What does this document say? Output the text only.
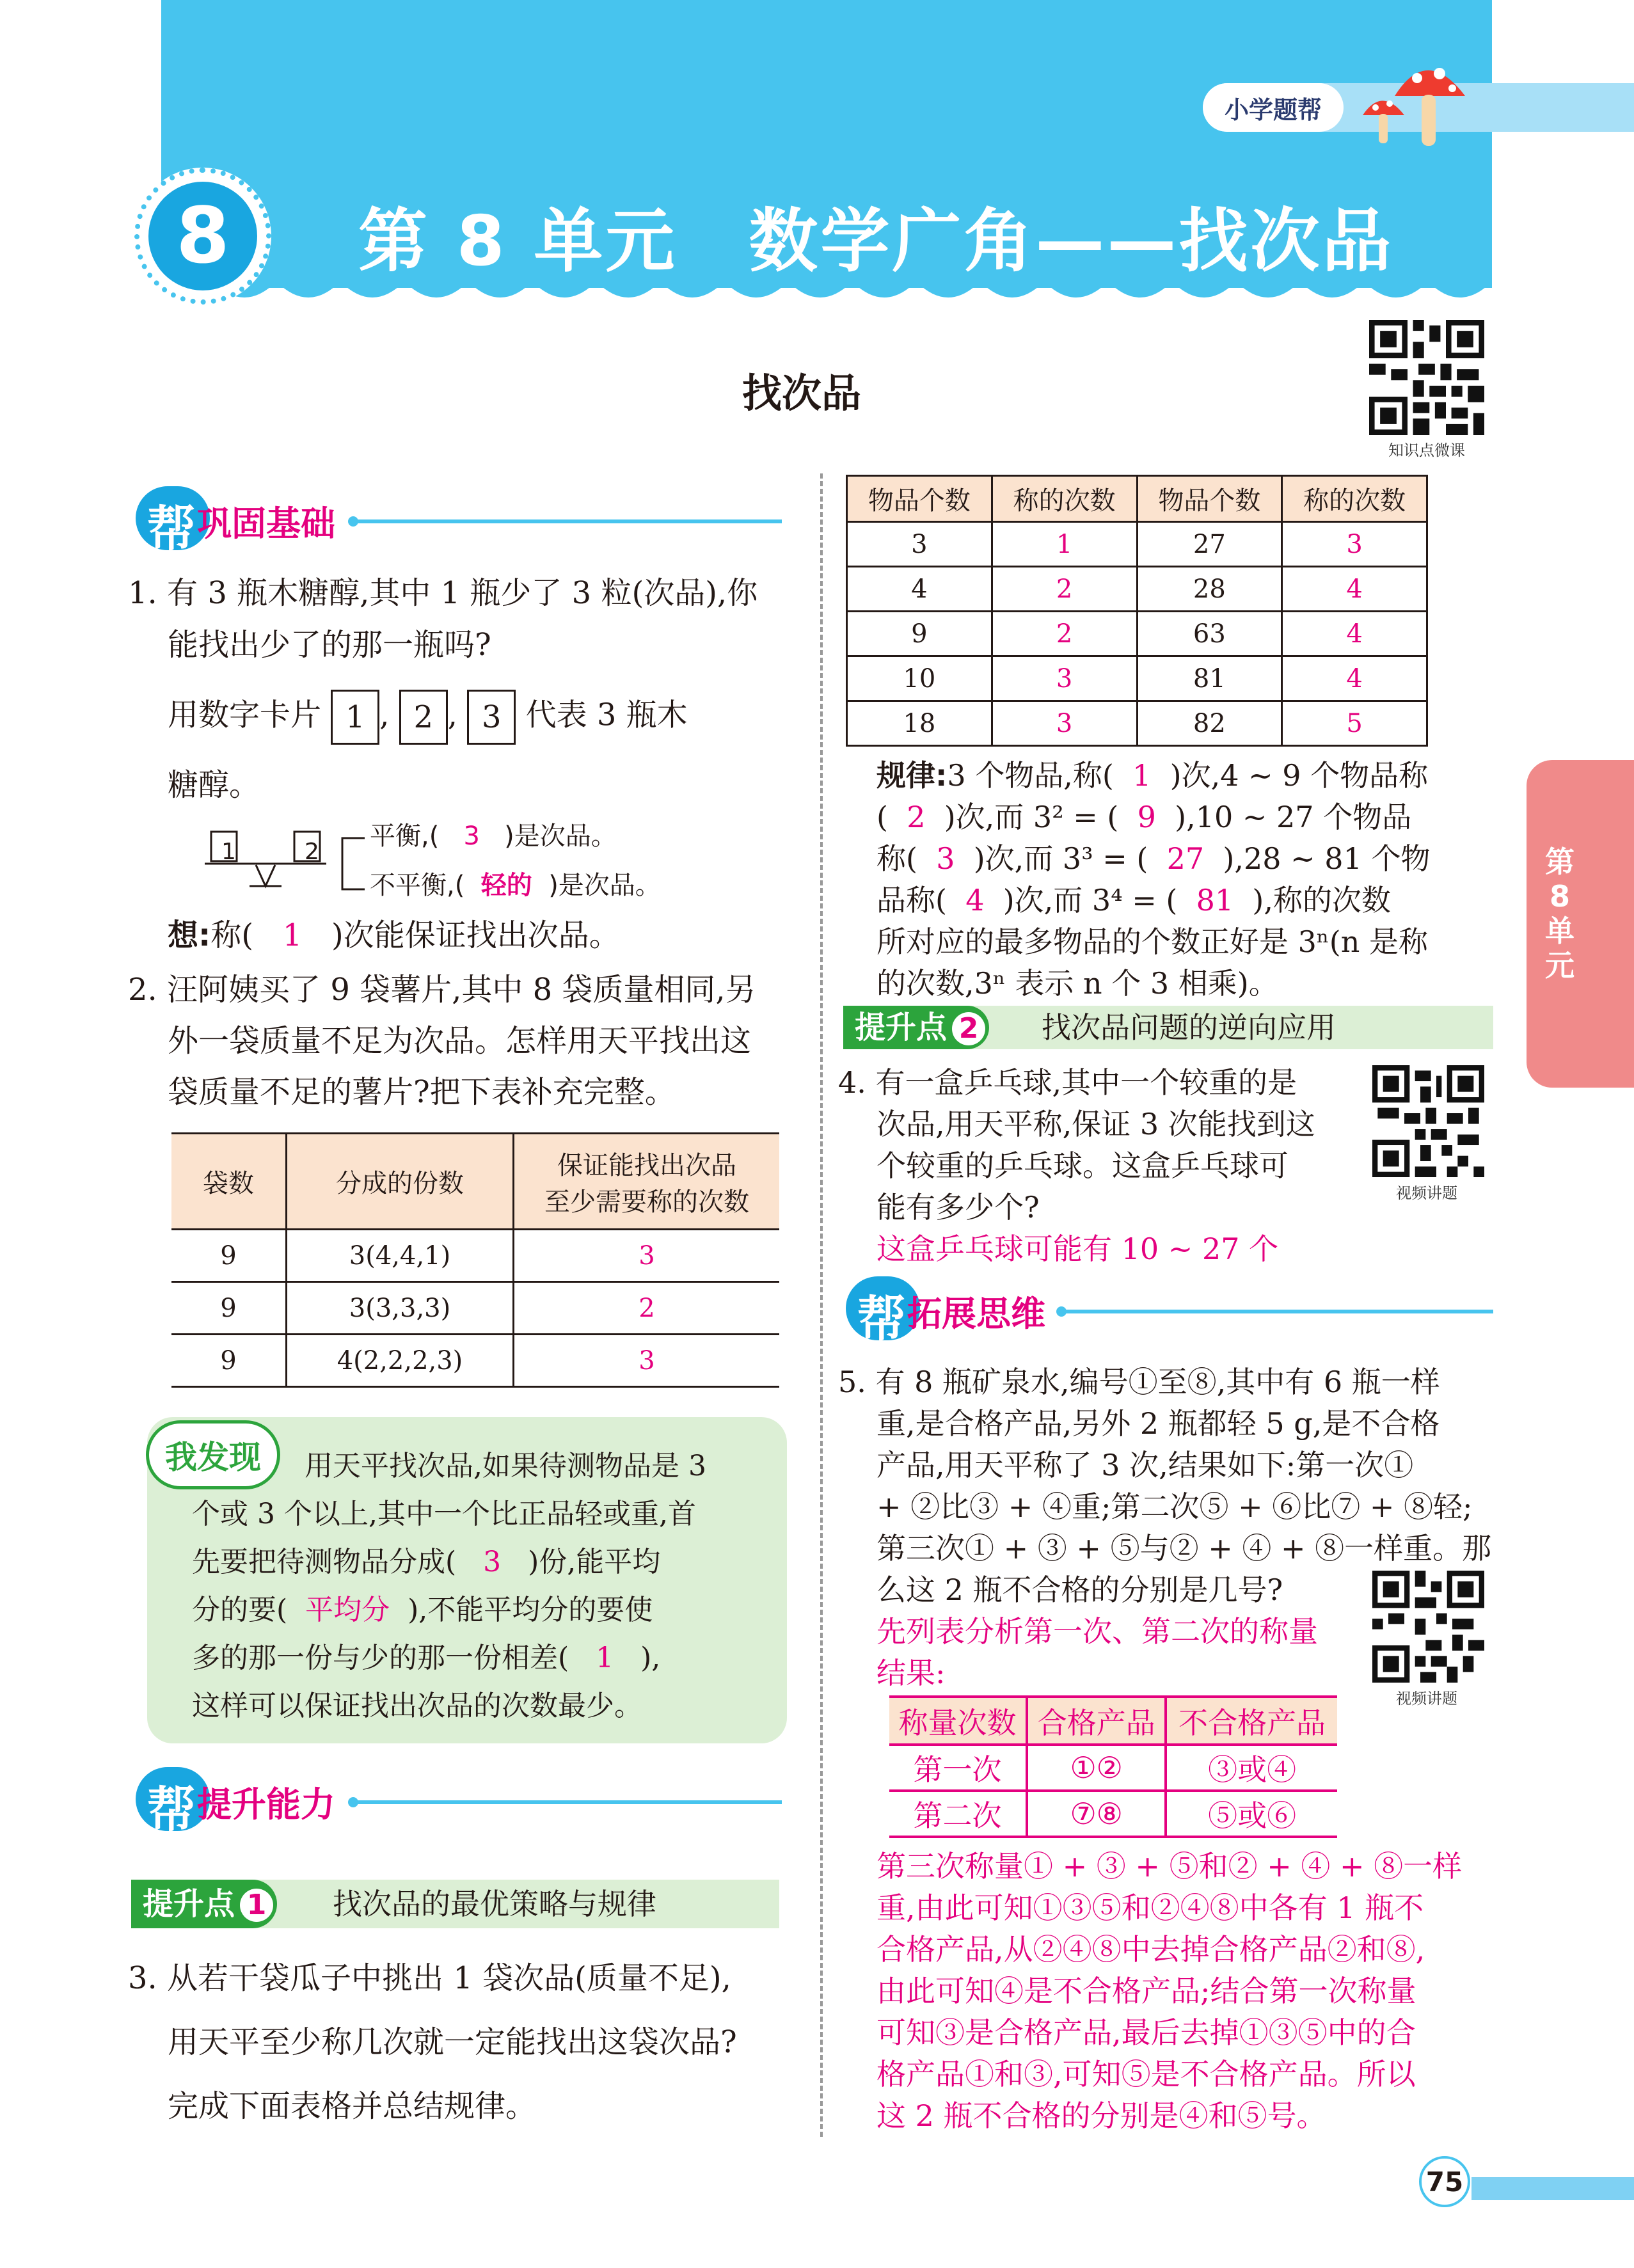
小学题帮
8	第 8 单元　数学广角——找次品
找次品
知识点微课
第8单元
帮 巩固基础
1. 有 3 瓶木糖醇,其中 1 瓶少了 3 粒(次品),你
能找出少了的那一瓶吗?
用数字卡片 1 , 2 , 3 代表 3 瓶木
糖醇。
1	2
平衡,( 3 )是次品。
不平衡,( 轻的 )是次品。
想:称( 1 )次能保证找出次品。
2. 汪阿姨买了 9 袋薯片,其中 8 袋质量相同,另
外一袋质量不足为次品。怎样用天平找出这
袋质量不足的薯片?把下表补充完整。
袋数	分成的份数	保证能找出次品
至少需要称的次数
9	3(4,4,1)	3
9	3(3,3,3)	2
9	4(2,2,2,3)	3
我发现	用天平找次品,如果待测物品是 3
个或 3 个以上,其中一个比正品轻或重,首
先要把待测物品分成( 3 )份,能平均
分的要( 平均分 ),不能平均分的要使
多的那一份与少的那一份相差( 1 ),
这样可以保证找出次品的次数最少。
帮 提升能力
提升点 1	找次品的最优策略与规律
3. 从若干袋瓜子中挑出 1 袋次品(质量不足),
用天平至少称几次就一定能找出这袋次品?
完成下面表格并总结规律。
物品个数	称的次数	物品个数	称的次数
3	1	27	3
4	2	28	4
9	2	63	4
10	3	81	4
18	3	82	5
规律:3 个物品,称( 1 )次,4 ~ 9 个物品称
( 2 )次,而 3² = ( 9 ),10 ~ 27 个物品
称( 3 )次,而 3³ = ( 27 ),28 ~ 81 个物
品称( 4 )次,而 3⁴ = ( 81 ),称的次数
所对应的最多物品的个数正好是 3ⁿ(n 是称
的次数,3ⁿ 表示 n 个 3 相乘)。
提升点 2	找次品问题的逆向应用
4. 有一盒乒乓球,其中一个较重的是
次品,用天平称,保证 3 次能找到这
个较重的乒乓球。这盒乒乓球可
能有多少个?
这盒乒乓球可能有 10 ~ 27 个
视频讲题
帮 拓展思维
5. 有 8 瓶矿泉水,编号①至⑧,其中有 6 瓶一样
重,是合格产品,另外 2 瓶都轻 5 g,是不合格
产品,用天平称了 3 次,结果如下:第一次①
+ ②比③ + ④重;第二次⑤ + ⑥比⑦ + ⑧轻;
第三次① + ③ + ⑤与② + ④ + ⑧一样重。那
么这 2 瓶不合格的分别是几号?
先列表分析第一次、第二次的称量
结果:
视频讲题
称量次数	合格产品	不合格产品
第一次	①②	③或④
第二次	⑦⑧	⑤或⑥
第三次称量① + ③ + ⑤和② + ④ + ⑧一样
重,由此可知①③⑤和②④⑧中各有 1 瓶不
合格产品,从②④⑧中去掉合格产品②和⑧,
由此可知④是不合格产品;结合第一次称量
可知③是合格产品,最后去掉①③⑤中的合
格产品①和③,可知⑤是不合格产品。所以
这 2 瓶不合格的分别是④和⑤号。
75
